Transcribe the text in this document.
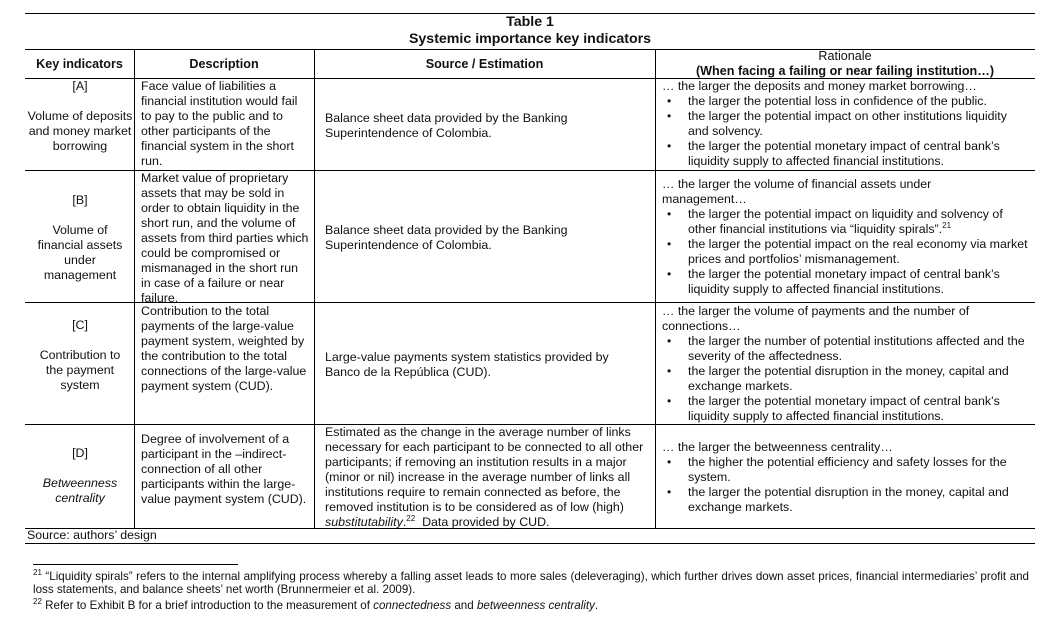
Table 1
Systemic importance key indicators
Key indicators	Description	Source / Estimation
Rationale
(When facing a failing or near failing institution…)
[A]
Volume of deposits and money market borrowing
Face value of liabilities a financial institution would fail to pay to the public and to other participants of the financial system in the short run.
Balance sheet data provided by the Banking Superintendence of Colombia.
… the larger the deposits and money market borrowing…
• the larger the potential loss in confidence of the public.
• the larger the potential impact on other institutions liquidity and solvency.
• the larger the potential monetary impact of central bank’s liquidity supply to affected financial institutions.
[B]
Volume of financial assets under management
Market value of proprietary assets that may be sold in order to obtain liquidity in the short run, and the volume of assets from third parties which could be compromised or mismanaged in the short run in case of a failure or near failure.
Balance sheet data provided by the Banking Superintendence of Colombia.
… the larger the volume of financial assets under management…
• the larger the potential impact on liquidity and solvency of other financial institutions via “liquidity spirals”.$^{21}$
• the larger the potential impact on the real economy via market prices and portfolios’ mismanagement.
• the larger the potential monetary impact of central bank’s liquidity supply to affected financial institutions.
[C]
Contribution to the payment system
Contribution to the total payments of the large-value payment system, weighted by the contribution to the total connections of the large-value payment system (CUD).
Large-value payments system statistics provided by Banco de la República (CUD).
… the larger the volume of payments and the number of connections…
• the larger the number of potential institutions affected and the severity of the affectedness.
• the larger the potential disruption in the money, capital and exchange markets.
• the larger the potential monetary impact of central bank’s liquidity supply to affected financial institutions.
[D]
Betweenness centrality
Degree of involvement of a participant in the –indirect- connection of all other participants within the large-value payment system (CUD).
Estimated as the change in the average number of links necessary for each participant to be connected to all other participants; if removing an institution results in a major (minor or nil) increase in the average number of links all institutions require to remain connected as before, the removed institution is to be considered as of low (high) substitutability.$^{22}$  Data provided by CUD.
… the larger the betweenness centrality…
• the higher the potential efficiency and safety losses for the system.
• the larger the potential disruption in the money, capital and exchange markets.
Source: authors’ design
$^{21}$ “Liquidity spirals” refers to the internal amplifying process whereby a falling asset leads to more sales (deleveraging), which further drives down asset prices, financial intermediaries’ profit and loss statements, and balance sheets’ net worth (Brunnermeier et al. 2009).
$^{22}$ Refer to Exhibit B for a brief introduction to the measurement of connectedness and betweenness centrality.
